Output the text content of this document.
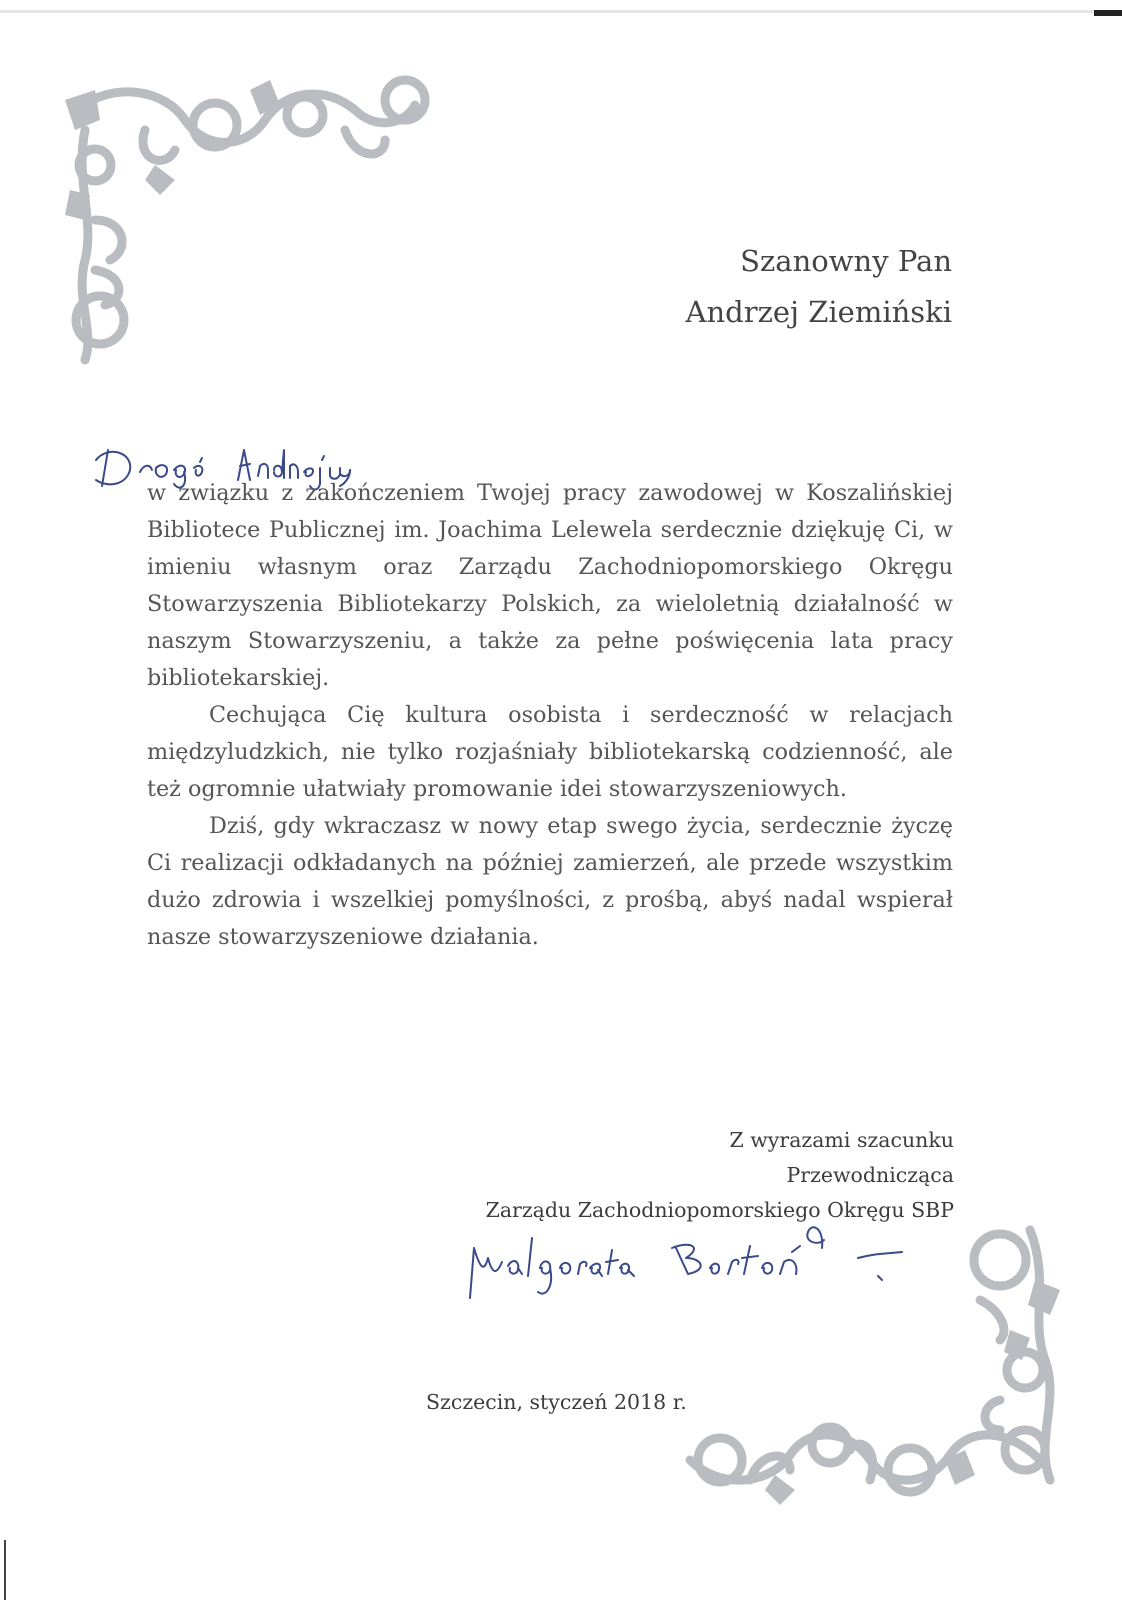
Szanowny Pan
Andrzej Ziemiński

w związku z zakończeniem Twojej pracy zawodowej w Koszalińskiej Bibliotece Publicznej im. Joachima Lelewela serdecznie dziękuję Ci, w imieniu własnym oraz Zarządu Zachodniopomorskiego Okręgu Stowarzyszenia Bibliotekarzy Polskich, za wieloletnią działalność w naszym Stowarzyszeniu, a także za pełne poświęcenia lata pracy bibliotekarskiej.

Cechująca Cię kultura osobista i serdeczność w relacjach międzyludzkich, nie tylko rozjaśniały bibliotekarską codzienność, ale też ogromnie ułatwiały promowanie idei stowarzyszeniowych.

Dziś, gdy wkraczasz w nowy etap swego życia, serdecznie życzę Ci realizacji odkładanych na później zamierzeń, ale przede wszystkim dużo zdrowia i wszelkiej pomyślności, z prośbą, abyś nadal wspierał nasze stowarzyszeniowe działania.

Z wyrazami szacunku
Przewodnicząca
Zarządu Zachodniopomorskiego Okręgu SBP
Szczecin, styczeń 2018 r.
